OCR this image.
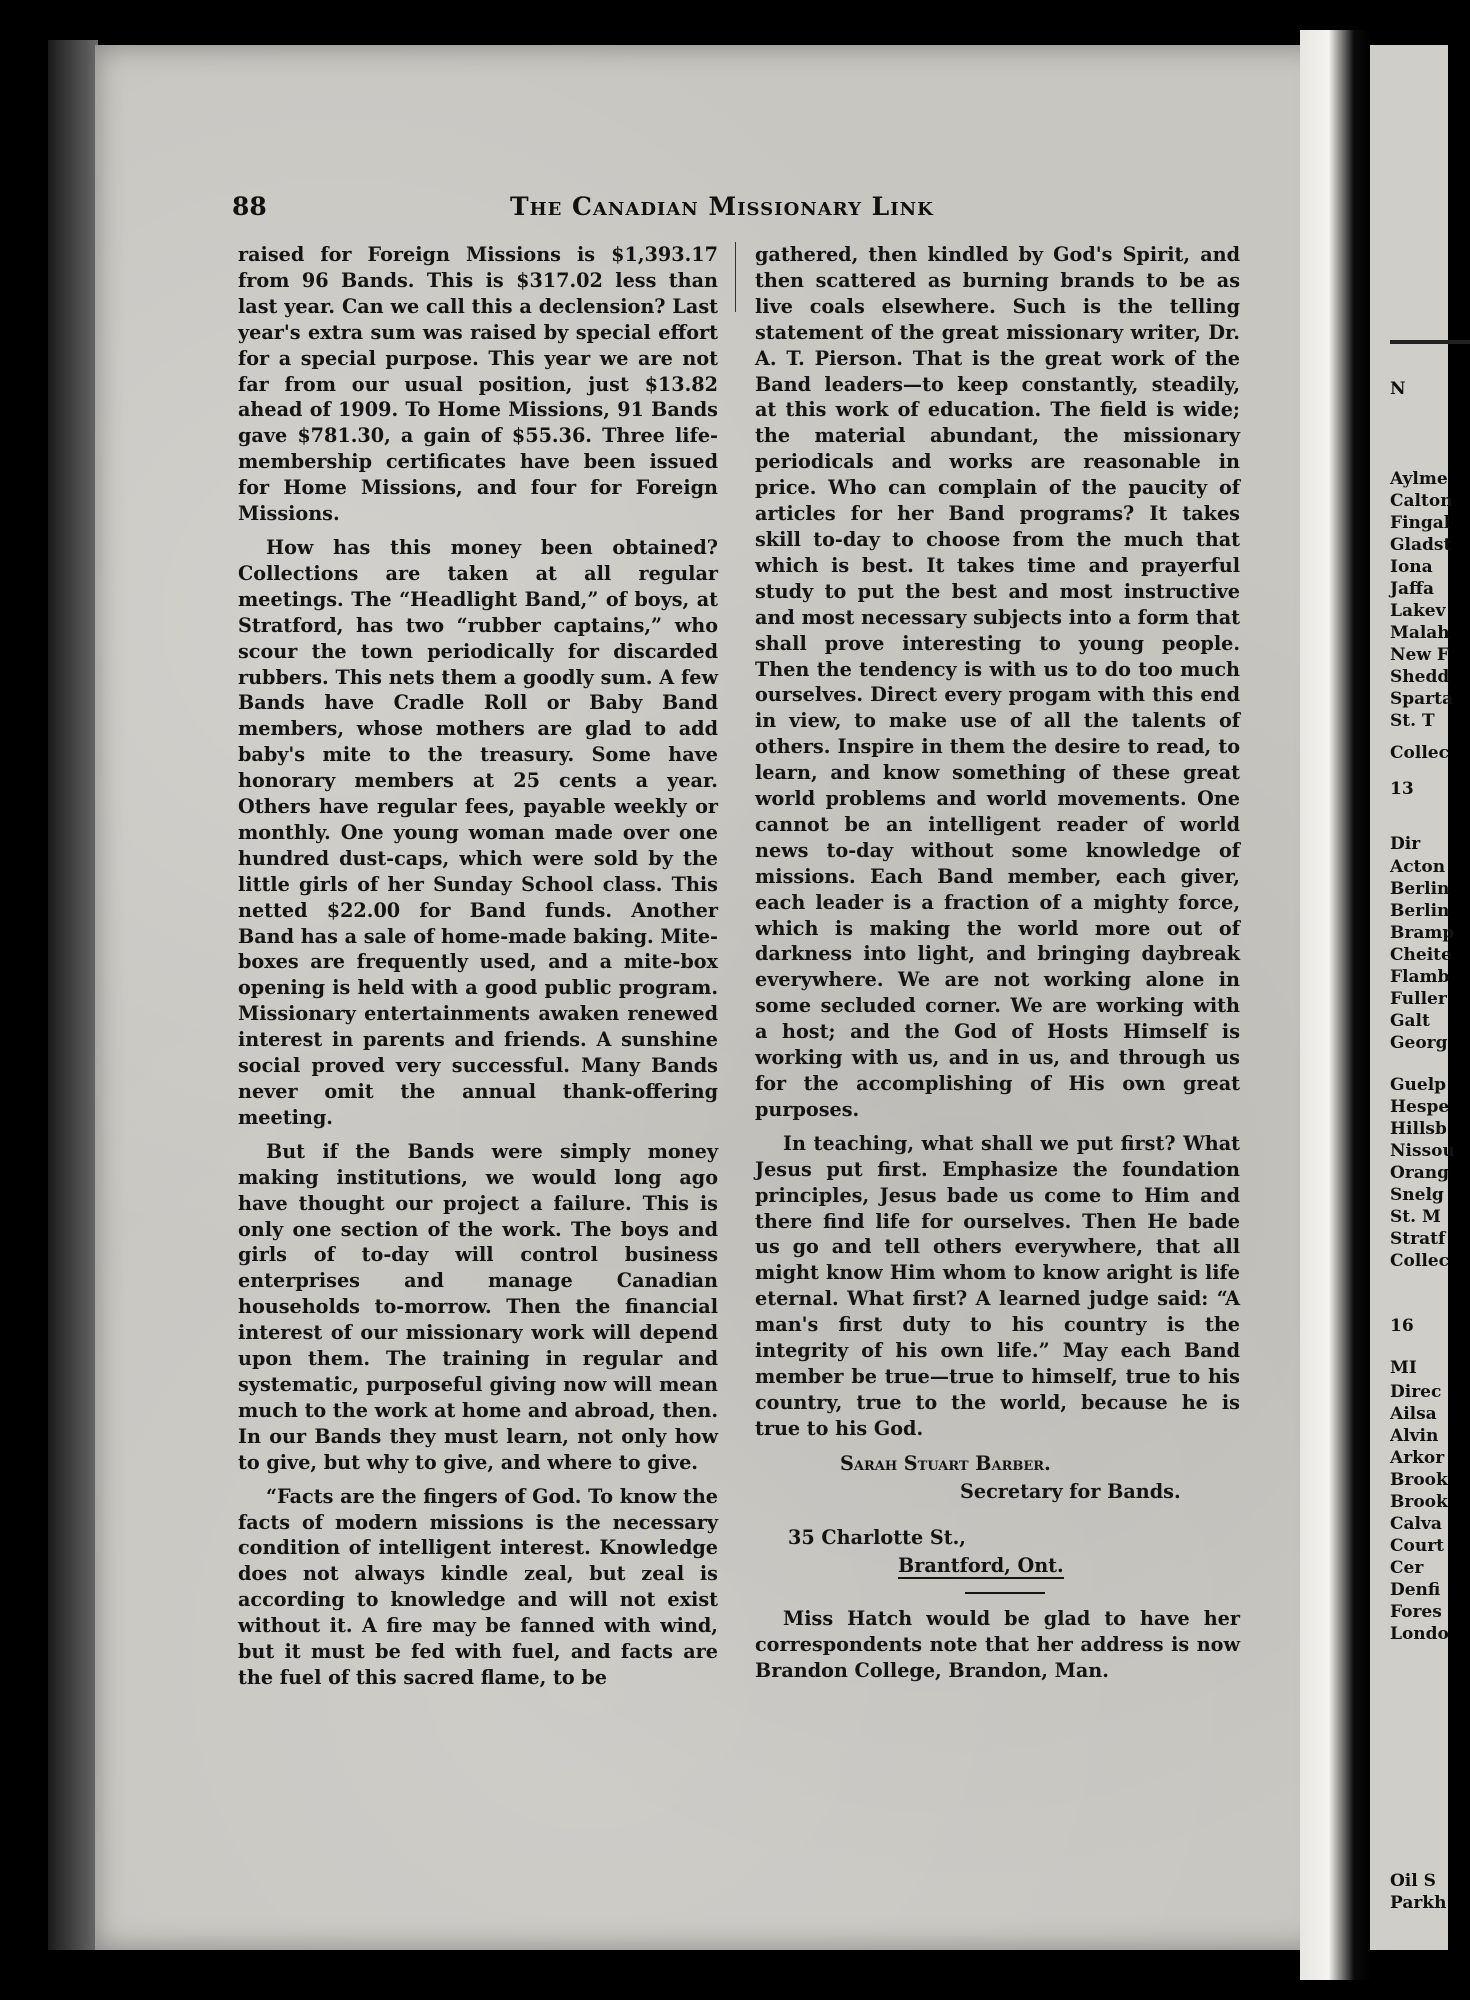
N
Aylme
Calton
Fingal
Gladst
Iona
Jaffa
Lakev
Malah
New F
Shedd
Sparta
St. T
Collec
13
Dir
Acton
Berlin
Berlin
Bramp
Cheite
Flamb
Fuller
Galt
Georg
Guelp
Hespe
Hillsb
Nissou
Orang
Snelg
St. M
Stratf
Collec
16
MI
Direc
Ailsa
Alvin
Arkor
Brook
Brook
Calva
Court
Cer
Denfi
Fores
Londo
Oil S
Parkh
88	The Canadian Missionary Link

raised for Foreign Missions is $1,393.17 from 96 Bands. This is $317.02 less than last year. Can we call this a declension? Last year's extra sum was raised by special effort for a special purpose. This year we are not far from our usual position, just $13.82 ahead of 1909. To Home Missions, 91 Bands gave $781.30, a gain of $55.36. Three life-membership certificates have been issued for Home Missions, and four for Foreign Missions.

How has this money been obtained? Collections are taken at all regular meetings. The “Headlight Band,” of boys, at Stratford, has two “rubber captains,” who scour the town periodically for discarded rubbers. This nets them a goodly sum. A few Bands have Cradle Roll or Baby Band members, whose mothers are glad to add baby's mite to the treasury. Some have honorary members at 25 cents a year. Others have regular fees, payable weekly or monthly. One young woman made over one hundred dust-caps, which were sold by the little girls of her Sunday School class. This netted $22.00 for Band funds. Another Band has a sale of home-made baking. Mite-boxes are frequently used, and a mite-box opening is held with a good public program. Missionary entertainments awaken renewed interest in parents and friends. A sunshine social proved very successful. Many Bands never omit the annual thank-offering meeting.

But if the Bands were simply money making institutions, we would long ago have thought our project a failure. This is only one section of the work. The boys and girls of to-day will control business enterprises and manage Canadian households to-morrow. Then the financial interest of our missionary work will depend upon them. The training in regular and systematic, purposeful giving now will mean much to the work at home and abroad, then. In our Bands they must learn, not only how to give, but why to give, and where to give.

“Facts are the fingers of God. To know the facts of modern missions is the necessary condition of intelligent interest. Knowledge does not always kindle zeal, but zeal is according to knowledge and will not exist without it. A fire may be fanned with wind, but it must be fed with fuel, and facts are the fuel of this sacred flame, to be

gathered, then kindled by God's Spirit, and then scattered as burning brands to be as live coals elsewhere. Such is the telling statement of the great missionary writer, Dr. A. T. Pierson. That is the great work of the Band leaders—to keep constantly, steadily, at this work of education. The field is wide; the material abundant, the missionary periodicals and works are reasonable in price. Who can complain of the paucity of articles for her Band programs? It takes skill to-day to choose from the much that which is best. It takes time and prayerful study to put the best and most instructive and most necessary subjects into a form that shall prove interesting to young people. Then the tendency is with us to do too much ourselves. Direct every progam with this end in view, to make use of all the talents of others. Inspire in them the desire to read, to learn, and know something of these great world problems and world movements. One cannot be an intelligent reader of world news to-day without some knowledge of missions. Each Band member, each giver, each leader is a fraction of a mighty force, which is making the world more out of darkness into light, and bringing daybreak everywhere. We are not working alone in some secluded corner. We are working with a host; and the God of Hosts Himself is working with us, and in us, and through us for the accomplishing of His own great purposes.

In teaching, what shall we put first? What Jesus put first. Emphasize the foundation principles, Jesus bade us come to Him and there find life for ourselves. Then He bade us go and tell others everywhere, that all might know Him whom to know aright is life eternal. What first? A learned judge said: “A man's first duty to his country is the integrity of his own life.” May each Band member be true—true to himself, true to his country, true to the world, because he is true to his God.

Sarah Stuart Barber.
Secretary for Bands.
35 Charlotte St.,
Brantford, Ont.

Miss Hatch would be glad to have her correspondents note that her address is now Brandon College, Brandon, Man.
